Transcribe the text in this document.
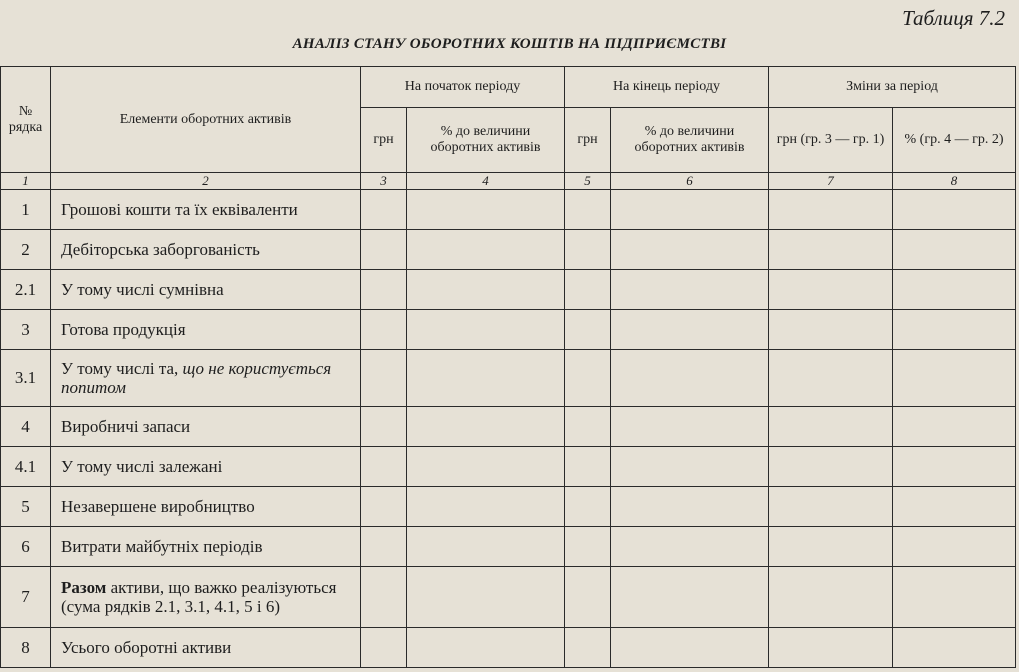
Таблиця 7.2
АНАЛІЗ СТАНУ ОБОРОТНИХ КОШТІВ НА ПІДПРИЄМСТВІ
№ рядка	Елементи оборотних активів	На початок періоду		На кінець періоду		Зміни за період	
		грн	% до величини оборотних активів	грн	% до величини оборотних активів	грн (гр. 3 — гр. 1)	% (гр. 4 — гр. 2)
1	2	3	4	5	6	7	8
1	Грошові кошти та їх еквіваленти						
2	Дебіторська заборгованість						
2.1	У тому числі сумнівна						
3	Готова продукція						
3.1	У тому числі та, що не користується попитом						
4	Виробничі запаси						
4.1	У тому числі залежані						
5	Незавершене виробництво						
6	Витрати майбутніх періодів						
7	Разом активи, що важко реалізуються (сума рядків 2.1, 3.1, 4.1, 5 і 6)						
8	Усього оборотні активи						
